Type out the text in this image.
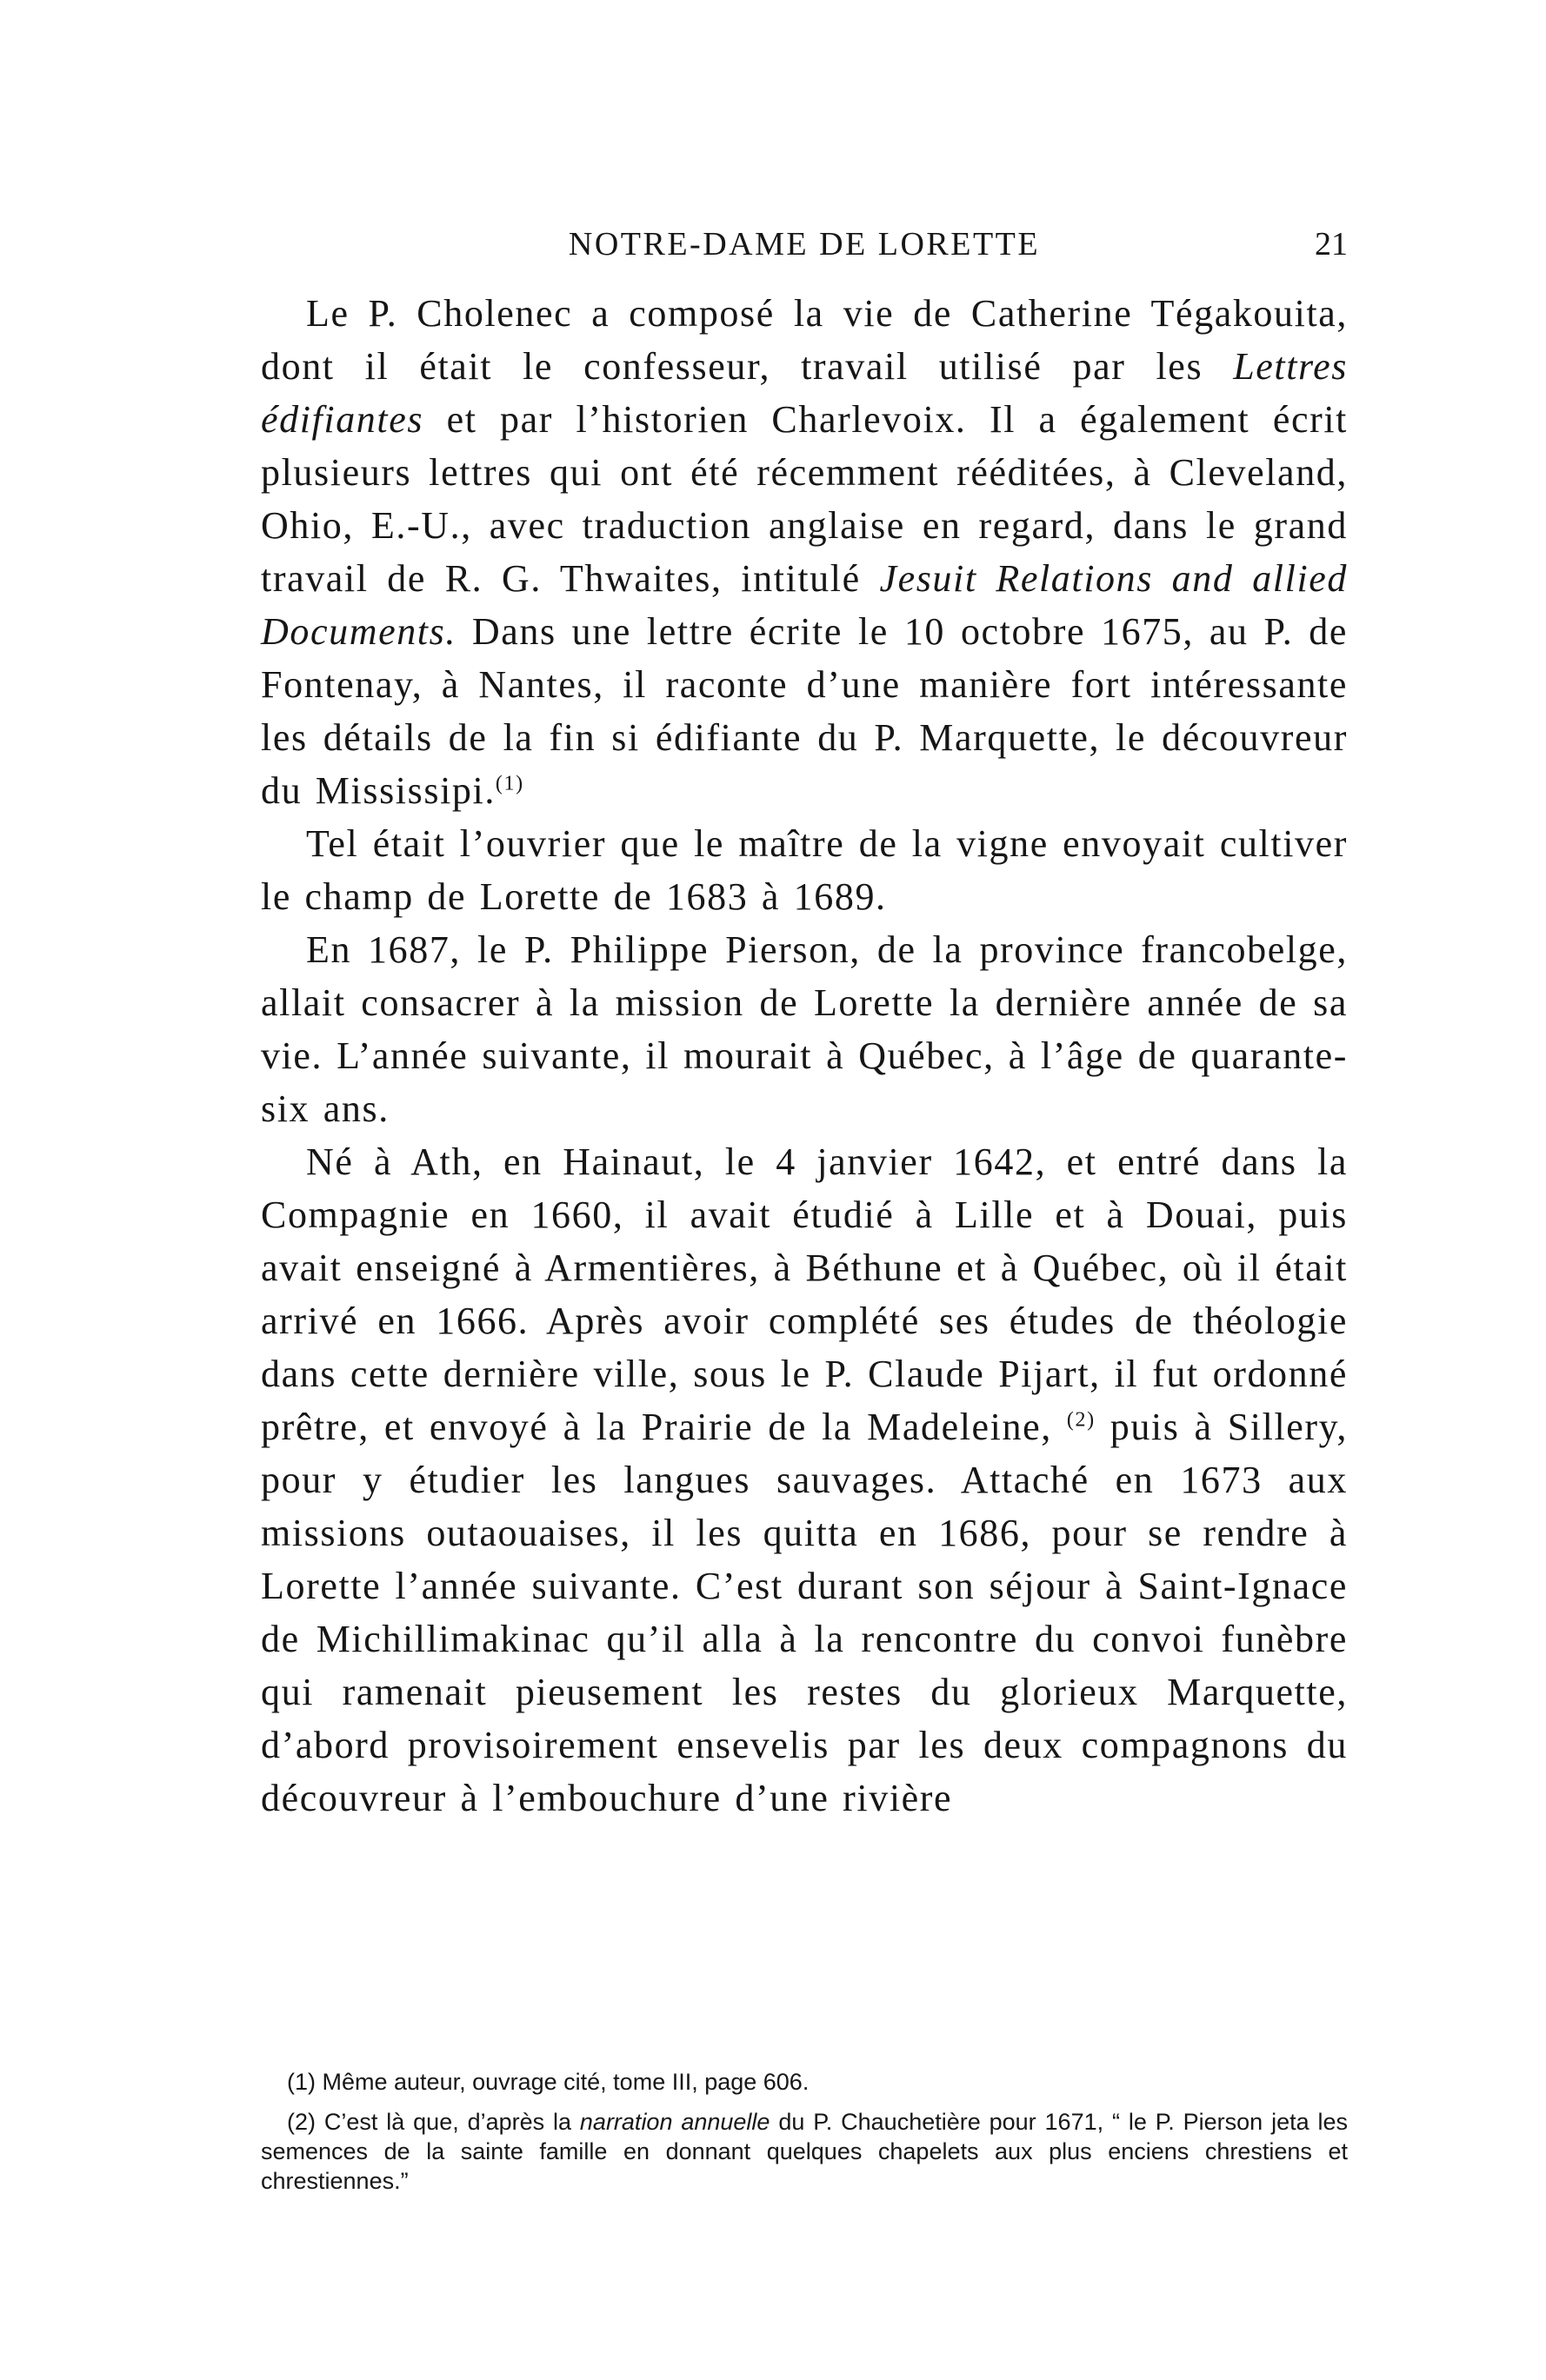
NOTRE-DAME DE LORETTE	21

Le P. Cholenec a composé la vie de Catherine Tégakouita, dont il était le confesseur, travail utilisé par les Lettres édifiantes et par l’historien Charlevoix. Il a également écrit plusieurs lettres qui ont été récemment rééditées, à Cleveland, Ohio, E.-U., avec traduction anglaise en regard, dans le grand travail de R. G. Thwaites, intitulé Jesuit Relations and allied Documents. Dans une lettre écrite le 10 octobre 1675, au P. de Fontenay, à Nantes, il raconte d’une manière fort intéressante les détails de la fin si édifiante du P. Marquette, le découvreur du Mississipi.$^{(1)}$

Tel était l’ouvrier que le maître de la vigne envoyait cultiver le champ de Lorette de 1683 à 1689.

En 1687, le P. Philippe Pierson, de la province francobelge, allait consacrer à la mission de Lorette la dernière année de sa vie. L’année suivante, il mourait à Québec, à l’âge de quarante-six ans.

Né à Ath, en Hainaut, le 4 janvier 1642, et entré dans la Compagnie en 1660, il avait étudié à Lille et à Douai, puis avait enseigné à Armentières, à Béthune et à Québec, où il était arrivé en 1666. Après avoir complété ses études de théologie dans cette dernière ville, sous le P. Claude Pijart, il fut ordonné prêtre, et envoyé à la Prairie de la Madeleine, $^{(2)}$ puis à Sillery, pour y étudier les langues sauvages. Attaché en 1673 aux missions outaouaises, il les quitta en 1686, pour se rendre à Lorette l’année suivante. C’est durant son séjour à Saint-Ignace de Michillimakinac qu’il alla à la rencontre du convoi funèbre qui ramenait pieusement les restes du glorieux Marquette, d’abord provisoirement ensevelis par les deux compagnons du découvreur à l’embouchure d’une rivière

(1) Même auteur, ouvrage cité, tome III, page 606.

(2) C’est là que, d’après la narration annuelle du P. Chauchetière pour 1671, “ le P. Pierson jeta les semences de la sainte famille en donnant quelques chapelets aux plus enciens chrestiens et chrestiennes.”
